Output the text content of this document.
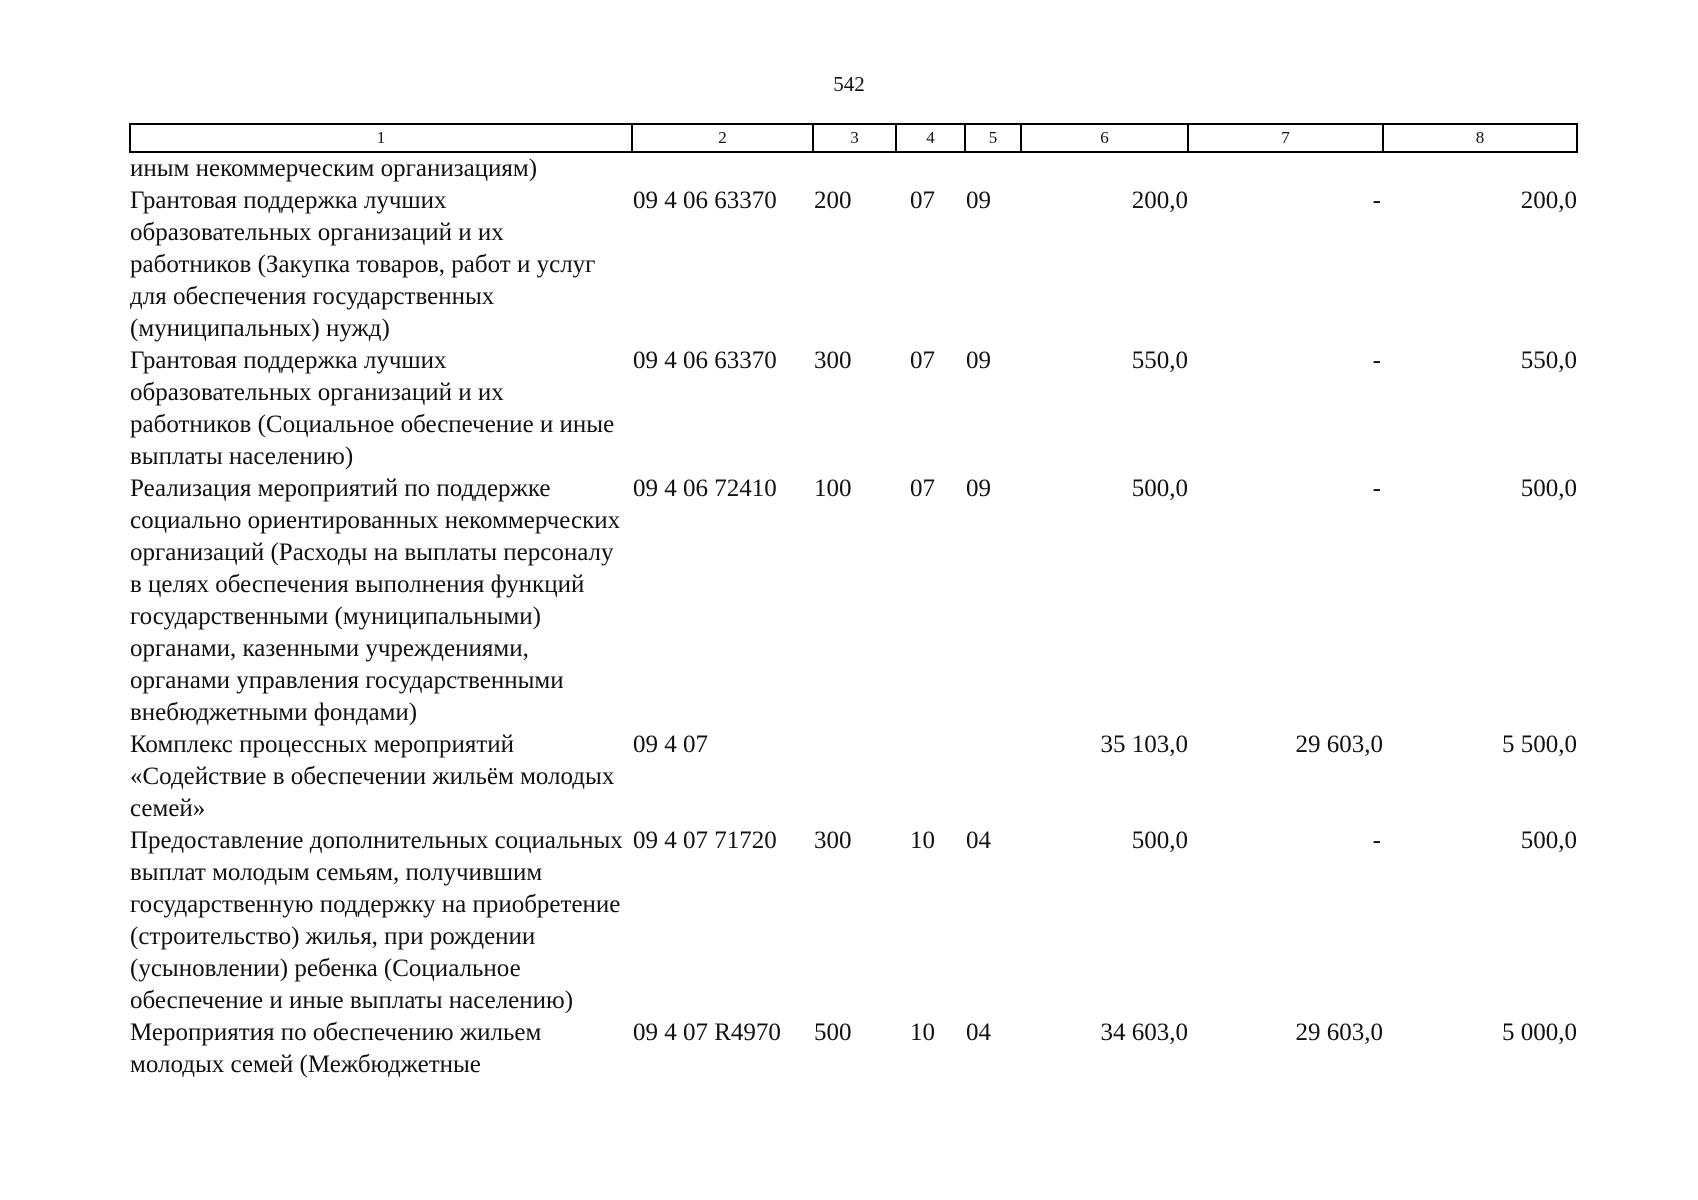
542
1	2	3	4	5	6	7	8
иным некоммерческим организациям)							
Грантовая поддержка лучших образовательных организаций и их работников (Закупка товаров, работ и услуг для обеспечения государственных (муниципальных) нужд)	09 4 06 63370	200	07	09	200,0	-	200,0
Грантовая поддержка лучших образовательных организаций и их работников (Социальное обеспечение и иные выплаты населению)	09 4 06 63370	300	07	09	550,0	-	550,0
Реализация мероприятий по поддержке социально ориентированных некоммерческих организаций (Расходы на выплаты персоналу в целях обеспечения выполнения функций государственными (муниципальными) органами, казенными учреждениями, органами управления государственными внебюджетными фондами)	09 4 06 72410	100	07	09	500,0	-	500,0
Комплекс процессных мероприятий «Содействие в обеспечении жильём молодых семей»	09 4 07				35 103,0	29 603,0	5 500,0
Предоставление дополнительных социальных выплат молодым семьям, получившим государственную поддержку на приобретение (строительство) жилья, при рождении (усыновлении) ребенка (Социальное обеспечение и иные выплаты населению)	09 4 07 71720	300	10	04	500,0	-	500,0
Мероприятия по обеспечению жильем молодых семей (Межбюджетные	09 4 07 R4970	500	10	04	34 603,0	29 603,0	5 000,0
